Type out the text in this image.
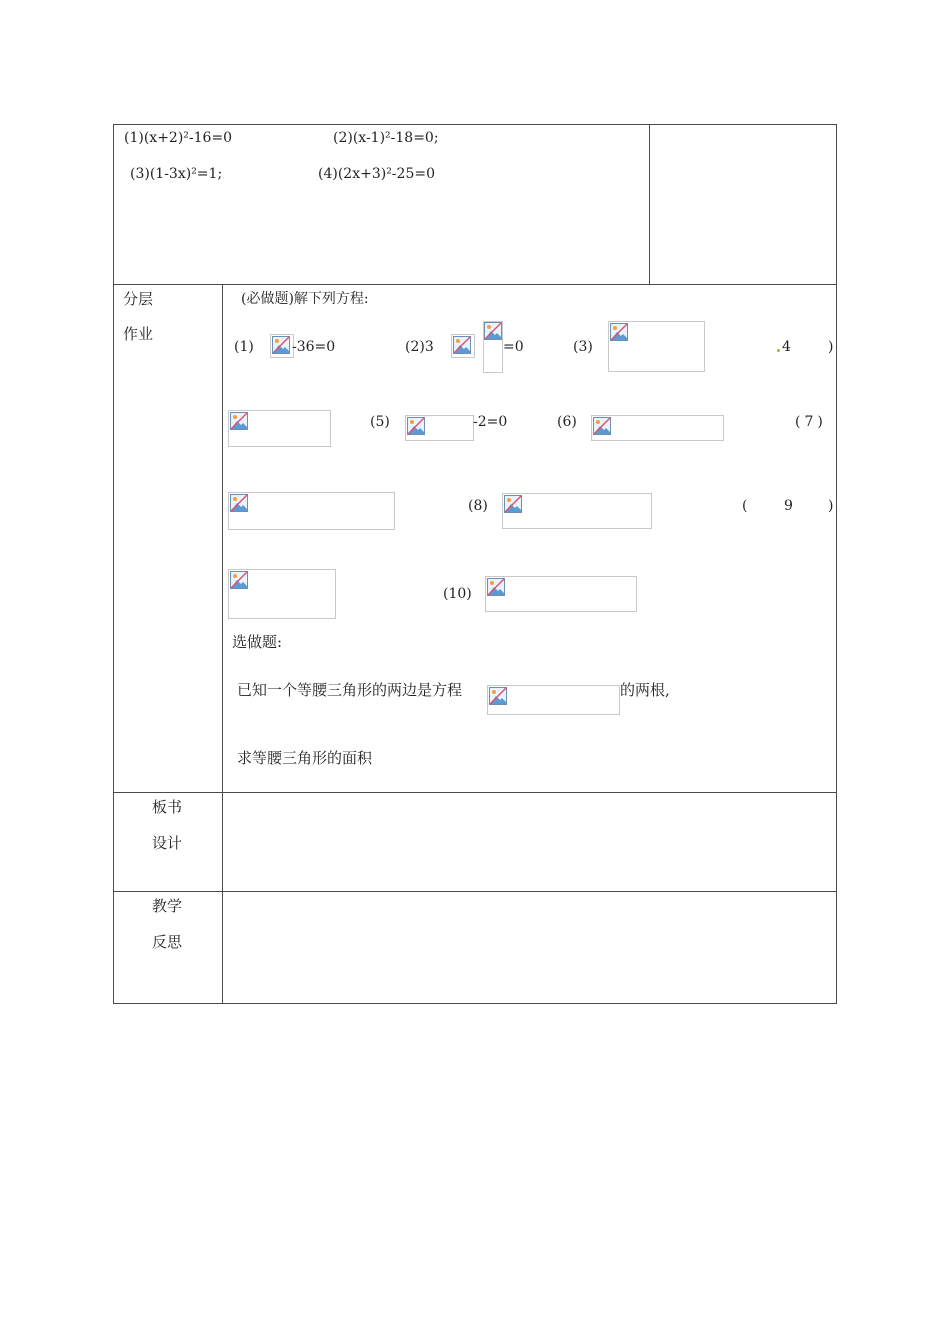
(1)(x+2)²-16=0	(2)(x-1)²-18=0;
(3)(1-3x)²=1;	(4)(2x+3)²-25=0
分层
作业
(必做题)解下列方程:
(1)	-36=0	(2)3	=0	(3)	4	)
(5)	-2=0	(6)	(7)
(8)	(	9	)
(10)
选做题:
已知一个等腰三角形的两边是方程	的两根,
求等腰三角形的面积
板书
设计
教学
反思
